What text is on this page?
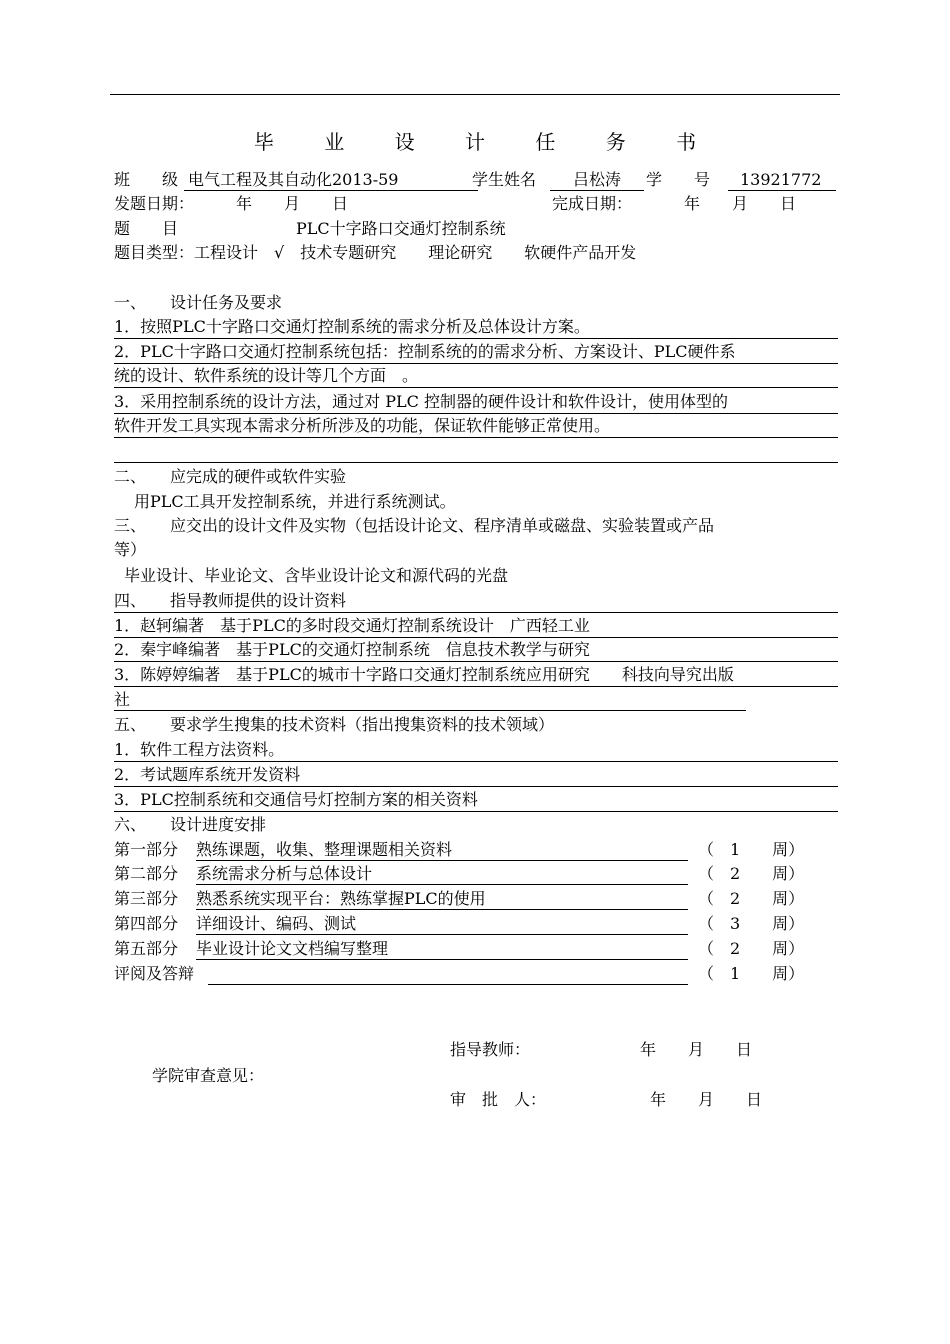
毕 业 设 计 任 务 书
班　　级 电气工程及其自动化2013-59	学生姓名	吕松涛	学　　号	13921772
发题日期：	年　　月　　日	完成日期：	年　　月　　日
题　　目	PLC十字路口交通灯控制系统
题目类型：工程设计　√　技术专题研究　　理论研究　　软硬件产品开发
一、　　设计任务及要求
1．按照PLC十字路口交通灯控制系统的需求分析及总体设计方案。
2．PLC十字路口交通灯控制系统包括：控制系统的的需求分析、方案设计、PLC硬件系
统的设计、软件系统的设计等几个方面　。
3．采用控制系统的设计方法，通过对 PLC 控制器的硬件设计和软件设计，使用体型的
软件开发工具实现本需求分析所涉及的功能，保证软件能够正常使用。
二、　　应完成的硬件或软件实验
用PLC工具开发控制系统，并进行系统测试。
三、　　应交出的设计文件及实物（包括设计论文、程序清单或磁盘、实验装置或产品
等）
毕业设计、毕业论文、含毕业设计论文和源代码的光盘
四、　　指导教师提供的设计资料
1．赵轲编著　基于PLC的多时段交通灯控制系统设计　广西轻工业
2．秦宇峰编著　基于PLC的交通灯控制系统　信息技术教学与研究
3．陈婷婷编著　基于PLC的城市十字路口交通灯控制系统应用研究　　科技向导究出版
社
五、　　要求学生搜集的技术资料（指出搜集资料的技术领域）
1．软件工程方法资料。
2．考试题库系统开发资料
3．PLC控制系统和交通信号灯控制方案的相关资料
六、　　设计进度安排
第一部分 熟练课题，收集、整理课题相关资料	（　1　　周）
第二部分 系统需求分析与总体设计	（　2　　周）
第三部分 熟悉系统实现平台：熟练掌握PLC的使用	（　2　　周）
第四部分 详细设计、编码、测试	（　3　　周）
第五部分 毕业设计论文文档编写整理	（　2　　周）
评阅及答辩	（　1　　周）
指导教师：	年　　月　　日
学院审查意见：
审　批　人：	年　　月　　日
